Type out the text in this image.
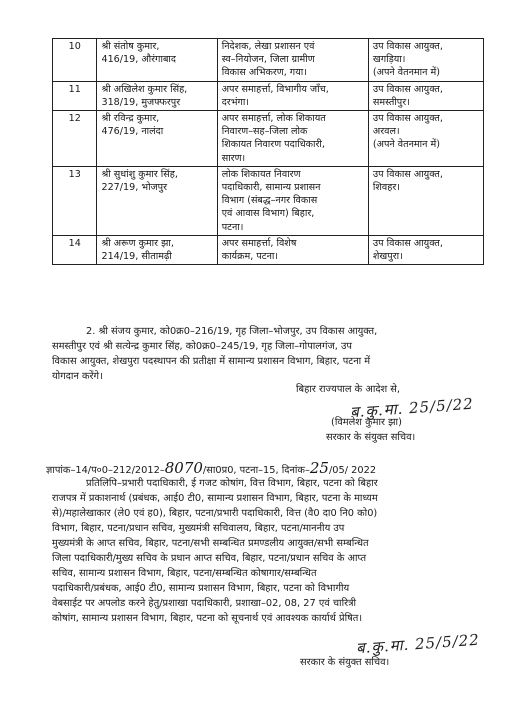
10	श्री संतोष कुमार,
416/19, औरंगाबाद	निदेशक, लेखा प्रशासन एवं
स्व–नियोजन, जिला ग्रामीण
विकास अभिकरण, गया।	उप विकास आयुक्त,
खगड़िया।
(अपने वेतनमान में)

11	श्री अखिलेश कुमार सिंह,
318/19, मुजफ्फरपुर	अपर समाहर्त्ता, विभागीय जाँच,
दरभंगा।	उप विकास आयुक्त,
समस्तीपुर।

12	श्री रविन्द्र कुमार,
476/19, नालंदा	अपर समाहर्त्ता, लोक शिकायत
निवारण–सह–जिला लोक
शिकायत निवारण पदाधिकारी,
सारण।	उप विकास आयुक्त,
अरवल।
(अपने वेतनमान में)

13	श्री सुधांशु कुमार सिंह,
227/19, भोजपुर	लोक शिकायत निवारण
पदाधिकारी, सामान्य प्रशासन
विभाग (संबद्ध–नगर विकास
एवं आवास विभाग) बिहार,
पटना।	उप विकास आयुक्त,
शिवहर।

14	श्री अरूण कुमार झा,
214/19, सीतामढ़ी	अपर समाहर्त्ता, विशेष
कार्यक्रम, पटना।	उप विकास आयुक्त,
शेखपुरा।
2. श्री संजय कुमार, को0क्र0–216/19, गृह जिला–भोजपुर, उप विकास आयुक्त,
समस्तीपुर एवं श्री सत्येन्द्र कुमार सिंह, को0क्र0–245/19, गृह जिला–गोपालगंज, उप
विकास आयुक्त, शेखपुरा पदस्थापन की प्रतीक्षा में सामान्य प्रशासन विभाग, बिहार, पटना में
योगदान करेंगे।
बिहार राज्यपाल के आदेश से,
ब.कु.मा. 25/5/22
(विमलेश कुमार झा)
सरकार के संयुक्त सचिव।
ज्ञापांक–14/प०0–212/2012–8070/सा0प्र0, पटना–15, दिनांक–25/05/ 2022
प्रतिलिपि–प्रभारी पदाधिकारी, ई गजट कोषांग, वित्त विभाग, बिहार, पटना को बिहार
राजपत्र में प्रकाशनार्थ (प्रबंधक, आई0 टी0, सामान्य प्रशासन विभाग, बिहार, पटना के माध्यम
से)/महालेखाकार (ले0 एवं ह0), बिहार, पटना/प्रभारी पदाधिकारी, वित्त (वै0 दा0 नि0 को0)
विभाग, बिहार, पटना/प्रधान सचिव, मुख्यमंत्री सचिवालय, बिहार, पटना/माननीय उप
मुख्यमंत्री के आप्त सचिव, बिहार, पटना/सभी सम्बन्धित प्रमण्डलीय आयुक्त/सभी सम्बन्धित
जिला पदाधिकारी/मुख्य सचिव के प्रधान आप्त सचिव, बिहार, पटना/प्रधान सचिव के आप्त
सचिव, सामान्य प्रशासन विभाग, बिहार, पटना/सम्बन्धित कोषागार/सम्बन्धित
पदाधिकारी/प्रबंधक, आई0 टी0, सामान्य प्रशासन विभाग, बिहार, पटना को विभागीय
वेबसाईट पर अपलोड करने हेतु/प्रशाखा पदाधिकारी, प्रशाखा–02, 08, 27 एवं चारित्री
कोषांग, सामान्य प्रशासन विभाग, बिहार, पटना को सूचनार्थ एवं आवश्यक कार्यार्थ प्रेषित।
ब.कु.मा. 25/5/22
सरकार के संयुक्त सचिव।
